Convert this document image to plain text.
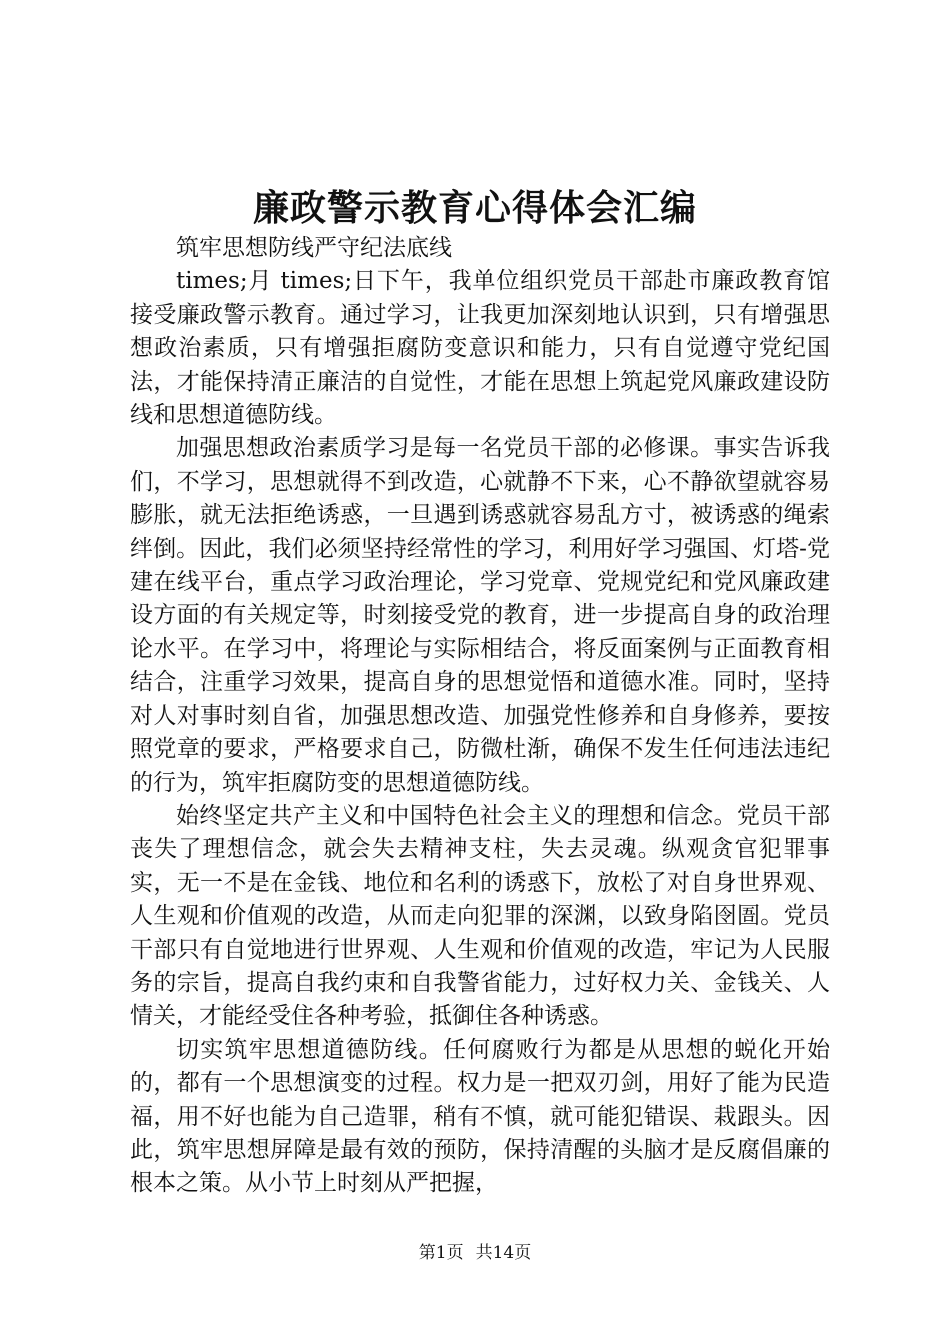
廉政警示教育心得体会汇编

筑牢思想防线严守纪法底线

times;月 times;日下午，我单位组织党员干部赴市廉政教育馆接受廉政警示教育。通过学习，让我更加深刻地认识到，只有增强思想政治素质，只有增强拒腐防变意识和能力，只有自觉遵守党纪国法，才能保持清正廉洁的自觉性，才能在思想上筑起党风廉政建设防线和思想道德防线。

加强思想政治素质学习是每一名党员干部的必修课。事实告诉我们，不学习，思想就得不到改造，心就静不下来，心不静欲望就容易膨胀，就无法拒绝诱惑，一旦遇到诱惑就容易乱方寸，被诱惑的绳索绊倒。因此，我们必须坚持经常性的学习，利用好学习强国、灯塔-党建在线平台，重点学习政治理论，学习党章、党规党纪和党风廉政建设方面的有关规定等，时刻接受党的教育，进一步提高自身的政治理论水平。在学习中，将理论与实际相结合，将反面案例与正面教育相结合，注重学习效果，提高自身的思想觉悟和道德水准。同时，坚持对人对事时刻自省，加强思想改造、加强党性修养和自身修养，要按照党章的要求，严格要求自己，防微杜渐，确保不发生任何违法违纪的行为，筑牢拒腐防变的思想道德防线。

始终坚定共产主义和中国特色社会主义的理想和信念。党员干部丧失了理想信念，就会失去精神支柱，失去灵魂。纵观贪官犯罪事实，无一不是在金钱、地位和名利的诱惑下，放松了对自身世界观、人生观和价值观的改造，从而走向犯罪的深渊，以致身陷囹圄。党员干部只有自觉地进行世界观、人生观和价值观的改造，牢记为人民服务的宗旨，提高自我约束和自我警省能力，过好权力关、金钱关、人情关，才能经受住各种考验，抵御住各种诱惑。

切实筑牢思想道德防线。任何腐败行为都是从思想的蜕化开始的，都有一个思想演变的过程。权力是一把双刃剑，用好了能为民造福，用不好也能为自己造罪，稍有不慎，就可能犯错误、栽跟头。因此，筑牢思想屏障是最有效的预防，保持清醒的头脑才是反腐倡廉的根本之策。从小节上时刻从严把握，

第1页 共14页
